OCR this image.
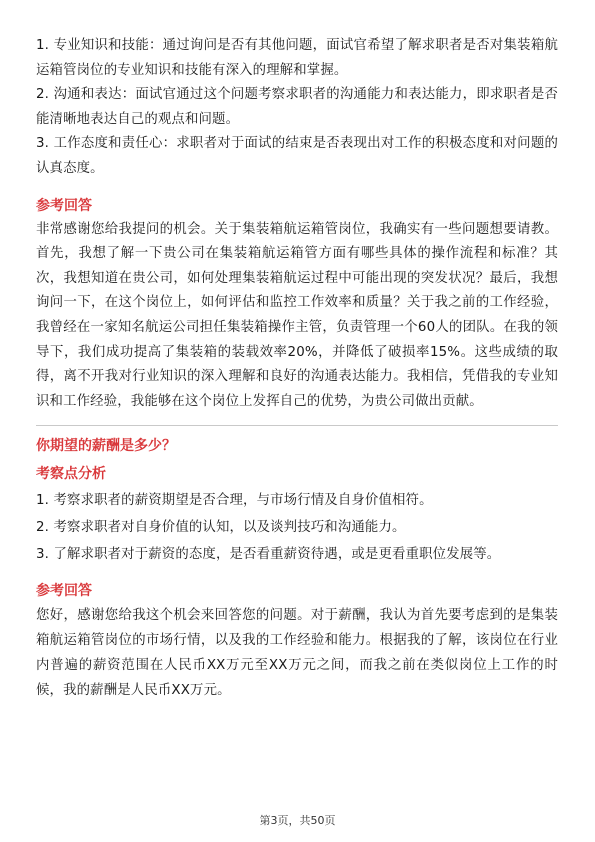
1. 专业知识和技能：通过询问是否有其他问题，面试官希望了解求职者是否对集装箱航运箱管岗位的专业知识和技能有深入的理解和掌握。

2. 沟通和表达：面试官通过这个问题考察求职者的沟通能力和表达能力，即求职者是否能清晰地表达自己的观点和问题。

3. 工作态度和责任心：求职者对于面试的结束是否表现出对工作的积极态度和对问题的认真态度。

参考回答

非常感谢您给我提问的机会。关于集装箱航运箱管岗位，我确实有一些问题想要请教。首先，我想了解一下贵公司在集装箱航运箱管方面有哪些具体的操作流程和标准？其次，我想知道在贵公司，如何处理集装箱航运过程中可能出现的突发状况？最后，我想询问一下，在这个岗位上，如何评估和监控工作效率和质量？关于我之前的工作经验，我曾经在一家知名航运公司担任集装箱操作主管，负责管理一个60人的团队。在我的领导下，我们成功提高了集装箱的装载效率20%，并降低了破损率15%。这些成绩的取得，离不开我对行业知识的深入理解和良好的沟通表达能力。我相信，凭借我的专业知识和工作经验，我能够在这个岗位上发挥自己的优势，为贵公司做出贡献。

你期望的薪酬是多少？

考察点分析

1. 考察求职者的薪资期望是否合理，与市场行情及自身价值相符。

2. 考察求职者对自身价值的认知，以及谈判技巧和沟通能力。

3. 了解求职者对于薪资的态度，是否看重薪资待遇，或是更看重职位发展等。

参考回答

您好，感谢您给我这个机会来回答您的问题。对于薪酬，我认为首先要考虑到的是集装箱航运箱管岗位的市场行情，以及我的工作经验和能力。根据我的了解，该岗位在行业内普遍的薪资范围在人民币XX万元至XX万元之间，而我之前在类似岗位上工作的时候，我的薪酬是人民币XX万元。

第3页，共50页
